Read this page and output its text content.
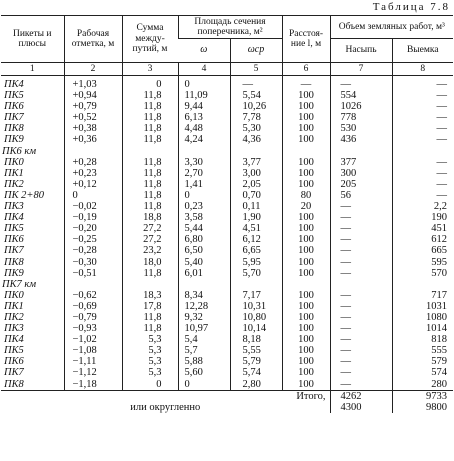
Таблица 7.8
Пикеты и плюсы	Рабочая отметка, м	Сумма между-путий, м	Площадь сечения поперечника, м²		Расстоя-ние l, м	Объем земляных работ, м³	
			ω	ωср		Насыпь	Выемка
1	2	3	4	5	6	7	8
ПК4	+1,03	0	0	—	—	—	—
ПК5	+0,94	11,8	11,09	5,54	100	554	—
ПК6	+0,79	11,8	9,44	10,26	100	1026	—
ПК7	+0,52	11,8	6,13	7,78	100	778	—
ПК8	+0,38	11,8	4,48	5,30	100	530	—
ПК9	+0,36	11,8	4,24	4,36	100	436	—
ПК6 км							
ПК0	+0,28	11,8	3,30	3,77	100	377	—
ПК1	+0,23	11,8	2,70	3,00	100	300	—
ПК2	+0,12	11,8	1,41	2,05	100	205	—
ПК 2+80	0	11,8	0	0,70	80	56	—
ПК3	−0,02	11,8	0,23	0,11	20	—	2,2
ПК4	−0,19	18,8	3,58	1,90	100	—	190
ПК5	−0,20	27,2	5,44	4,51	100	—	451
ПК6	−0,25	27,2	6,80	6,12	100	—	612
ПК7	−0,28	23,2	6,50	6,65	100	—	665
ПК8	−0,30	18,0	5,40	5,95	100	—	595
ПК9	−0,51	11,8	6,01	5,70	100	—	570
ПК7 км							
ПК0	−0,62	18,3	8,34	7,17	100	—	717
ПК1	−0,69	17,8	12,28	10,31	100	—	1031
ПК2	−0,79	11,8	9,32	10,80	100	—	1080
ПК3	−0,93	11,8	10,97	10,14	100	—	1014
ПК4	−1,02	5,3	5,4	8,18	100	—	818
ПК5	−1,08	5,3	5,7	5,55	100	—	555
ПК6	−1,11	5,3	5,88	5,79	100	—	579
ПК7	−1,12	5,3	5,60	5,74	100	—	574
ПК8	−1,18	0	0	2,80	100	—	280
Итого,						4262	9733
или округленно						4300	9800
